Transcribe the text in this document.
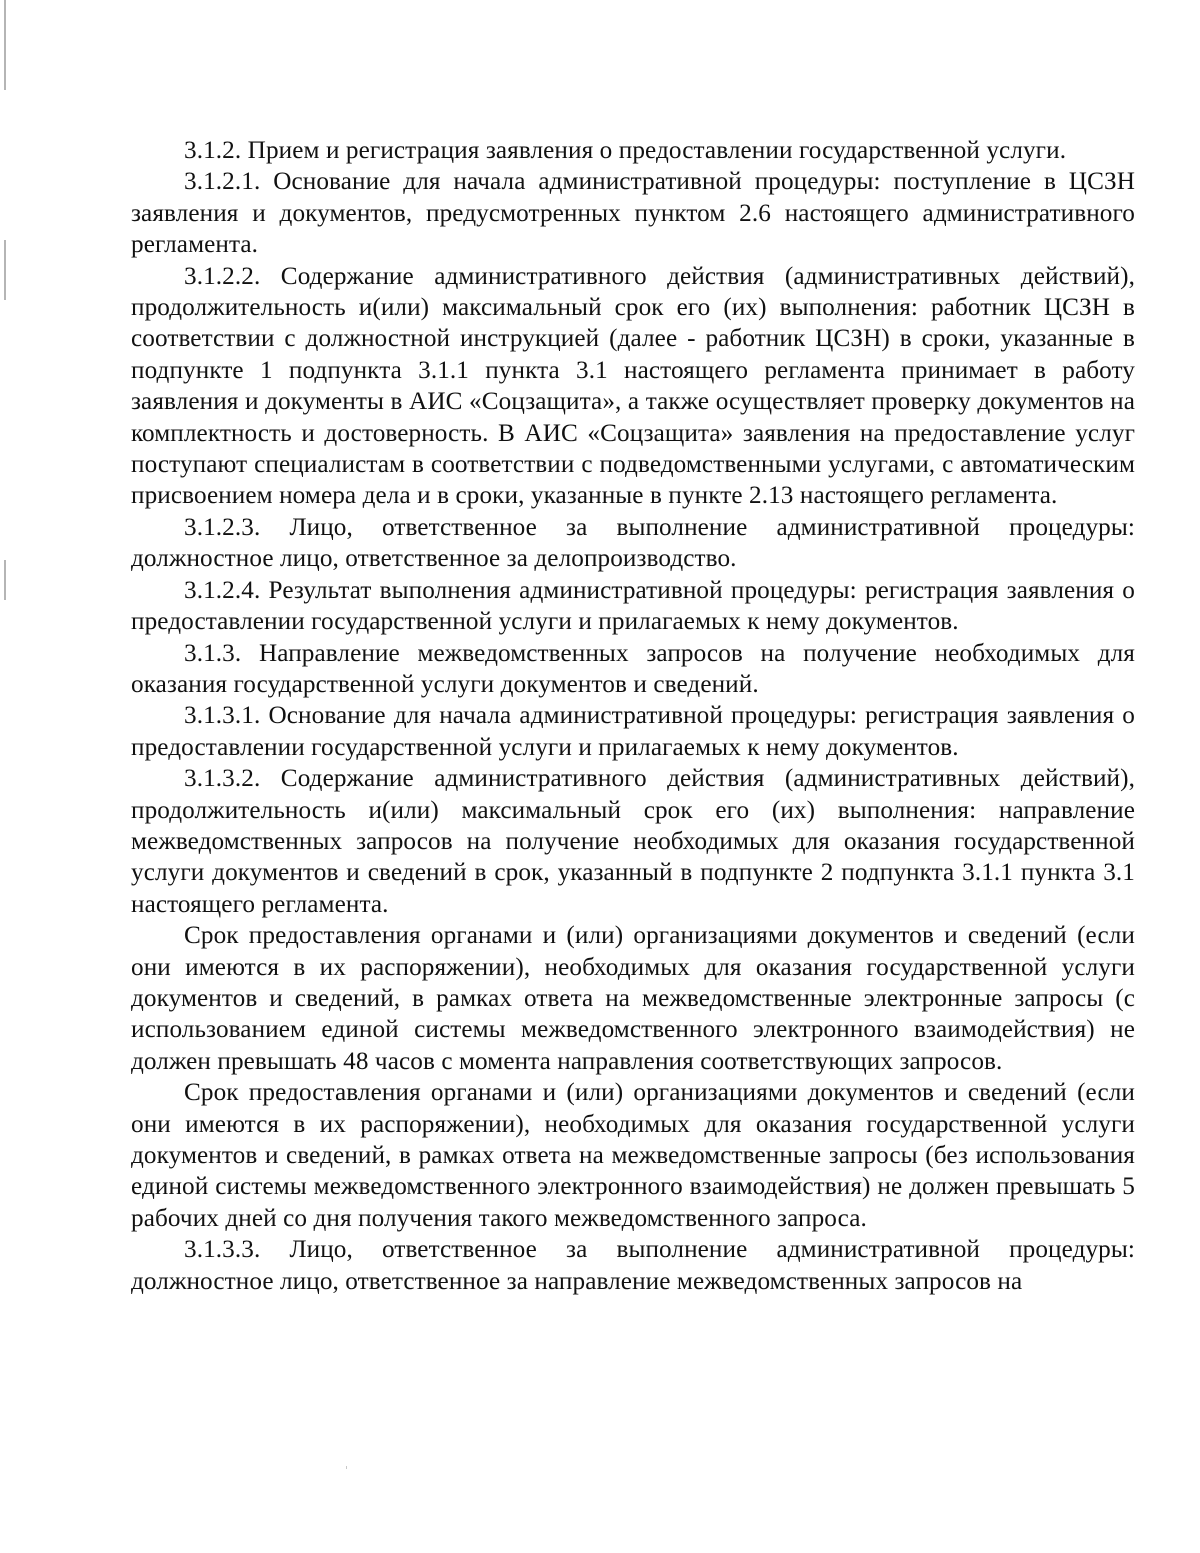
3.1.2. Прием и регистрация заявления о предоставлении государственной услуги.

3.1.2.1. Основание для начала административной процедуры: поступление в ЦСЗН заявления и документов, предусмотренных пунктом 2.6 настоящего административного регламента.

3.1.2.2. Содержание административного действия (административных действий), продолжительность и(или) максимальный срок его (их) выполнения: работник ЦСЗН в соответствии с должностной инструкцией (далее - работник ЦСЗН) в сроки, указанные в подпункте 1 подпункта 3.1.1 пункта 3.1 настоящего регламента принимает в работу заявления и документы в АИС «Соцзащита», а также осуществляет проверку документов на комплектность и достоверность. В АИС «Соцзащита» заявления на предоставление услуг поступают специалистам в соответствии с подведомственными услугами, с автоматическим присвоением номера дела и в сроки, указанные в пункте 2.13 настоящего регламента.

3.1.2.3. Лицо, ответственное за выполнение административной процедуры: должностное лицо, ответственное за делопроизводство.

3.1.2.4. Результат выполнения административной процедуры: регистрация заявления о предоставлении государственной услуги и прилагаемых к нему документов.

3.1.3. Направление межведомственных запросов на получение необходимых для оказания государственной услуги документов и сведений.

3.1.3.1. Основание для начала административной процедуры: регистрация заявления о предоставлении государственной услуги и прилагаемых к нему документов.

3.1.3.2. Содержание административного действия (административных действий), продолжительность и(или) максимальный срок его (их) выполнения: направление межведомственных запросов на получение необходимых для оказания государственной услуги документов и сведений в срок, указанный в подпункте 2 подпункта 3.1.1 пункта 3.1 настоящего регламента.

Срок предоставления органами и (или) организациями документов и сведений (если они имеются в их распоряжении), необходимых для оказания государственной услуги документов и сведений, в рамках ответа на межведомственные электронные запросы (с использованием единой системы межведомственного электронного взаимодействия) не должен превышать 48 часов с момента направления соответствующих запросов.

Срок предоставления органами и (или) организациями документов и сведений (если они имеются в их распоряжении), необходимых для оказания государственной услуги документов и сведений, в рамках ответа на межведомственные запросы (без использования единой системы межведомственного электронного взаимодействия) не должен превышать 5 рабочих дней со дня получения такого межведомственного запроса.

3.1.3.3. Лицо, ответственное за выполнение административной процедуры: должностное лицо, ответственное за направление межведомственных запросов на
